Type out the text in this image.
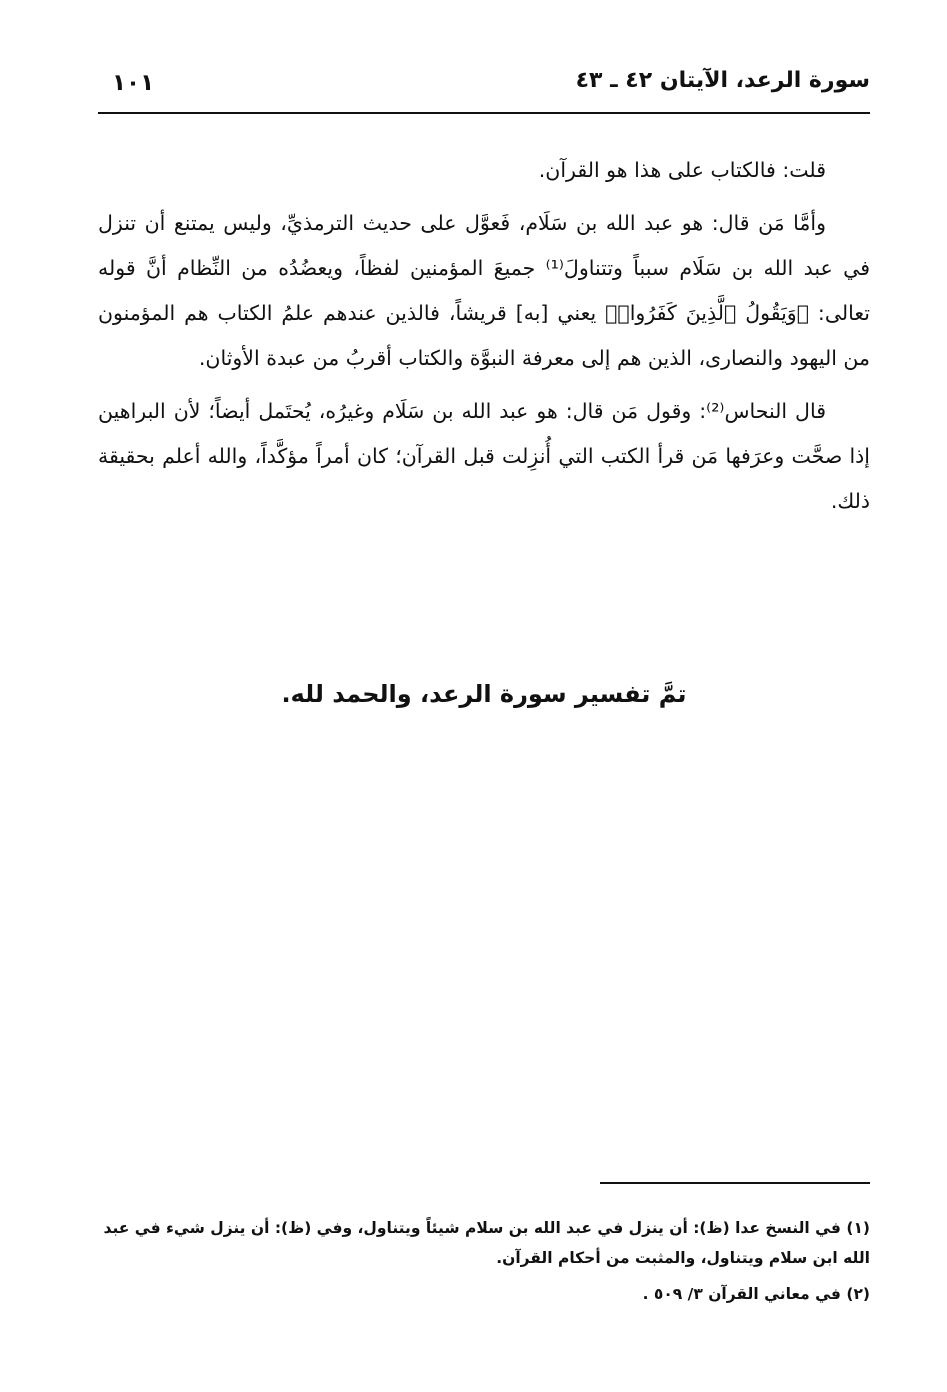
سورة الرعد، الآيتان ٤٢ ـ ٤٣
١٠١

قلت: فالكتاب على هذا هو القرآن.

وأمَّا مَن قال: هو عبد الله بن سَلَام، فَعوَّل على حديث الترمذيِّ، وليس يمتنع أن تنزل في عبد الله بن سَلَام سبباً وتتناولَ⁽¹⁾ جميعَ المؤمنين لفظاً، ويعضُدُه من النِّظام أنَّ قوله تعالى: ﴿وَيَقُولُ ٱلَّذِينَ كَفَرُوا۟﴾ يعني [به] قريشاً، فالذين عندهم علمُ الكتاب هم المؤمنون من اليهود والنصارى، الذين هم إلى معرفة النبوَّة والكتاب أقربُ من عبدة الأوثان.

قال النحاس⁽²⁾: وقول مَن قال: هو عبد الله بن سَلَام وغيرُه، يُحتَمل أيضاً؛ لأن البراهين إذا صحَّت وعرَفها مَن قرأ الكتب التي أُنزِلت قبل القرآن؛ كان أمراً مؤكَّداً، والله أعلم بحقيقة ذلك.

تمَّ تفسير سورة الرعد، والحمد لله.

(١) في النسخ عدا (ظ): أن ينزل في عبد الله بن سلام شيئاً ويتناول، وفي (ظ): أن ينزل شيء في عبد الله ابن سلام ويتناول، والمثبت من أحكام القرآن.

(٢) في معاني القرآن ٣/ ٥٠٩ .
